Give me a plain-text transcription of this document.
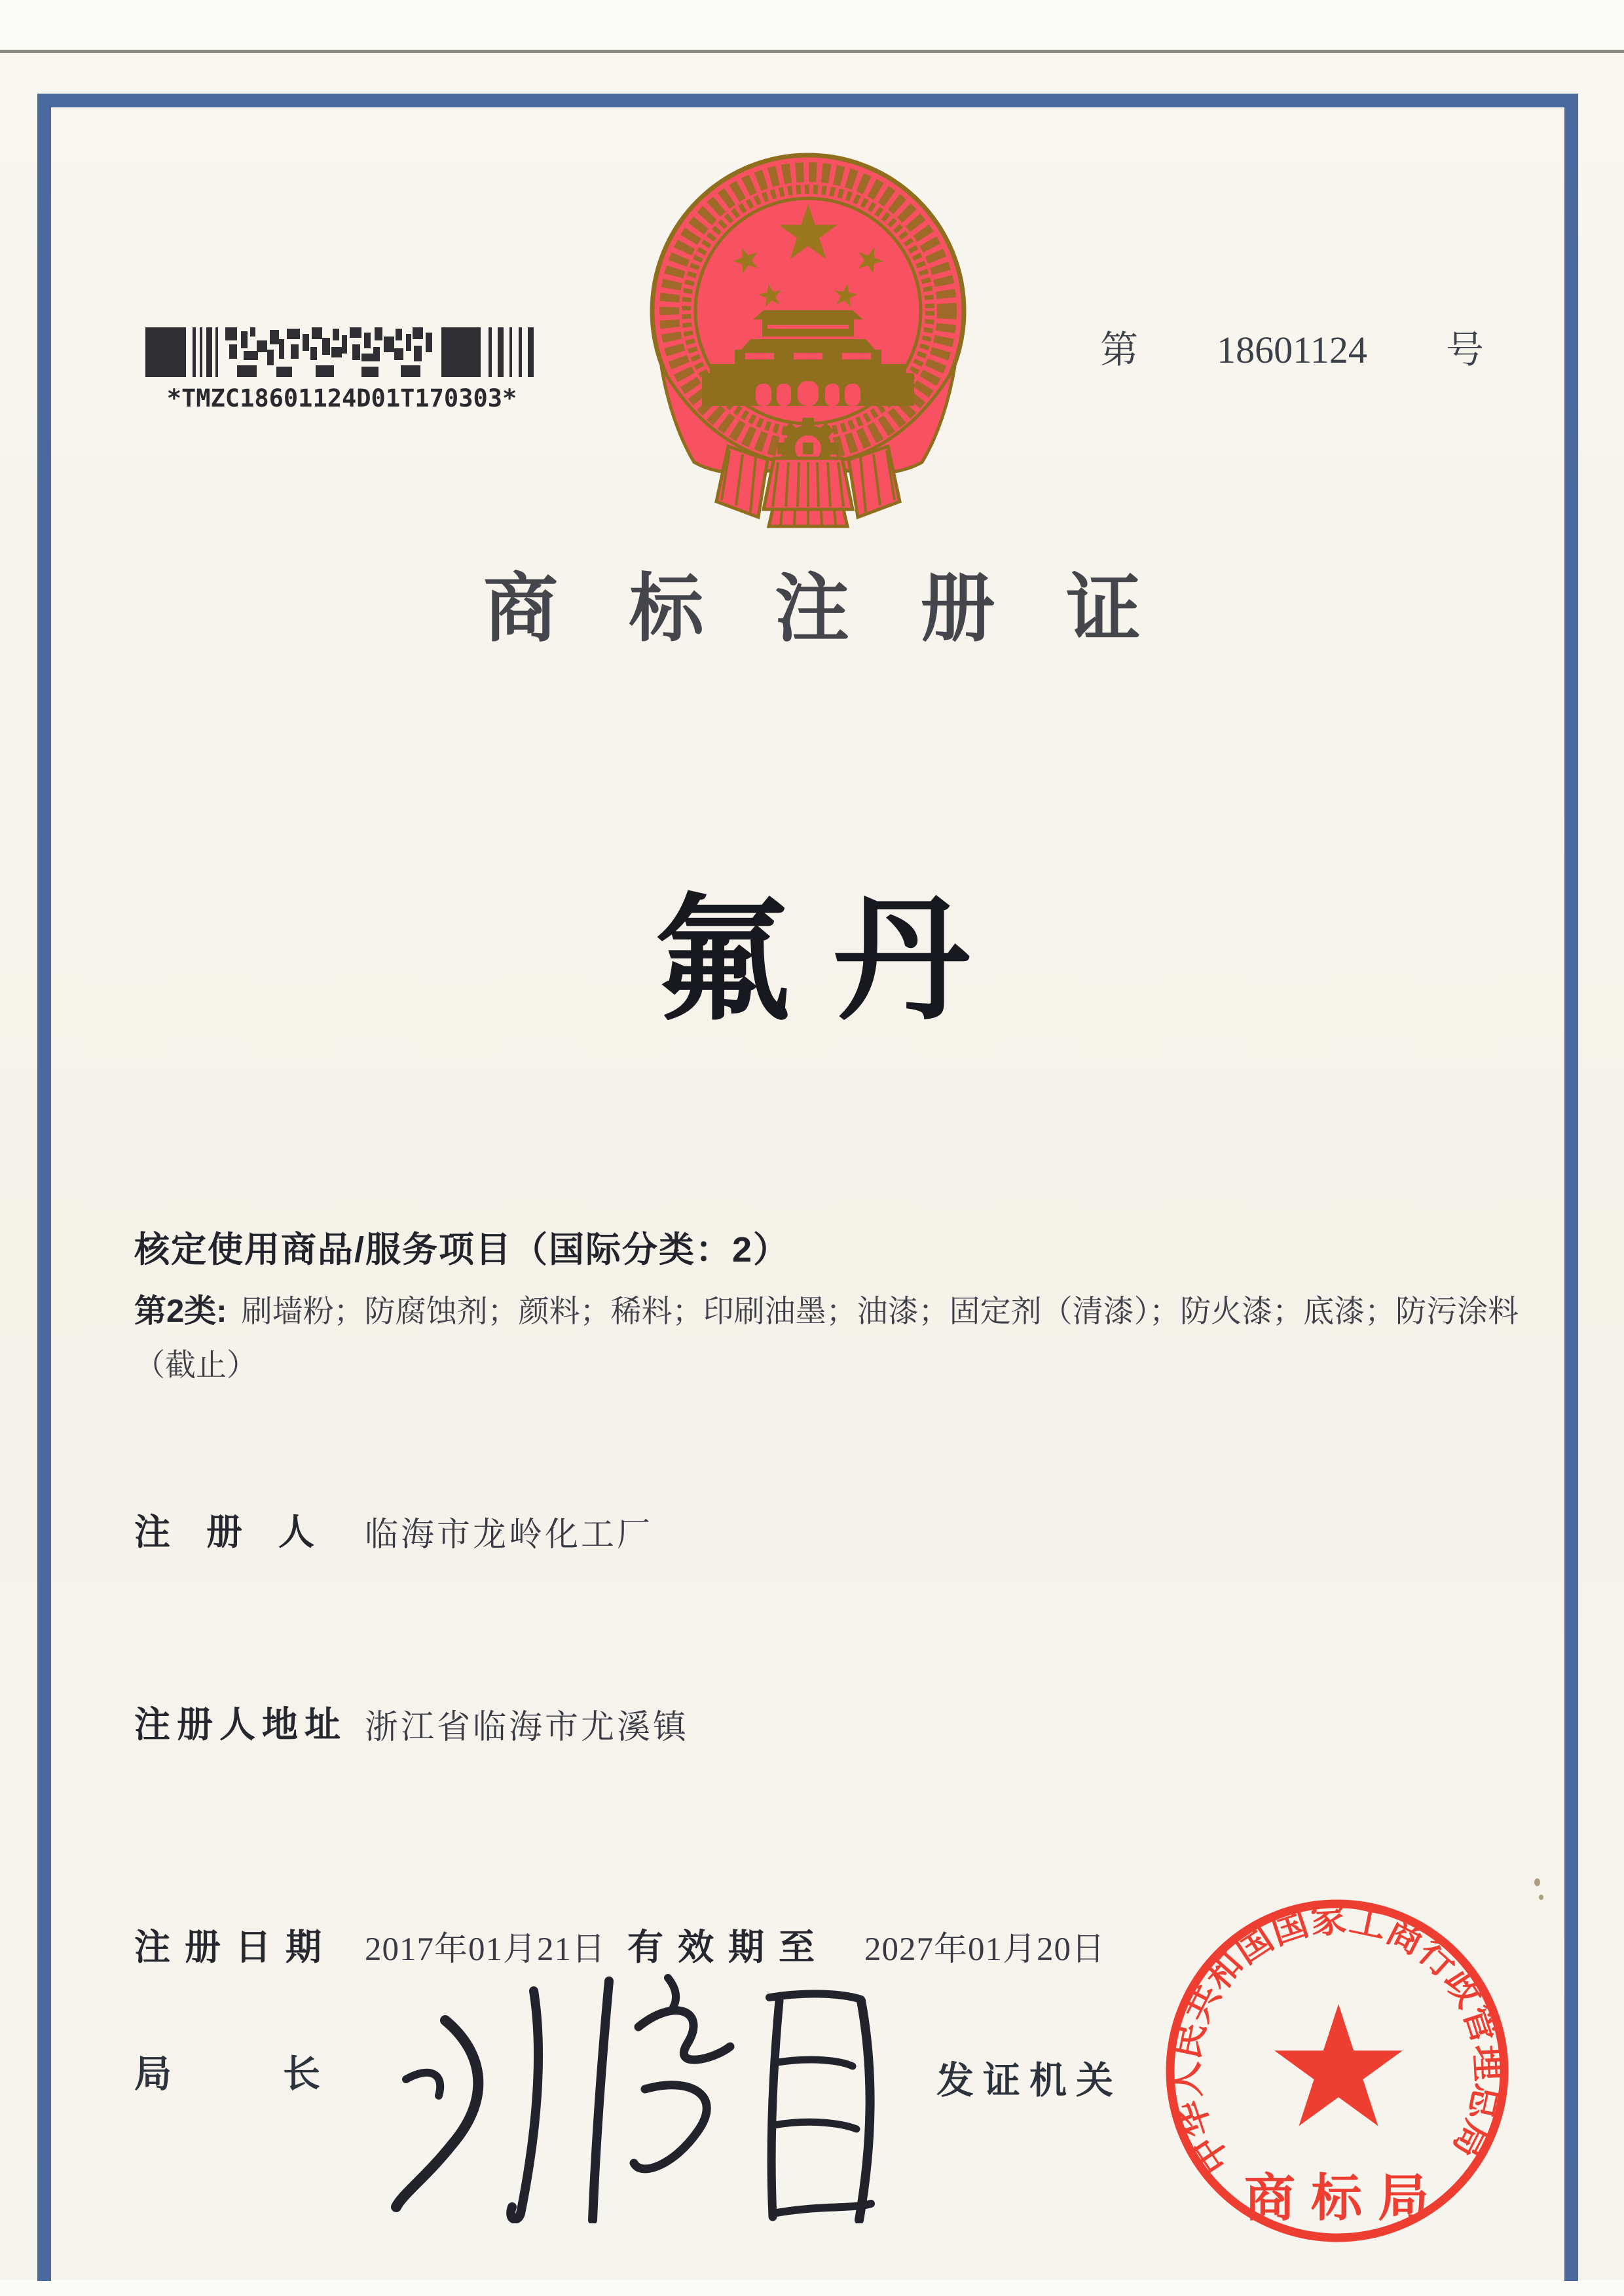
*TMZC18601124D01T170303*
第 18601124 号
商 标 注 册 证
氟丹
核定使用商品/服务项目（国际分类：2）
第2类: 刷墙粉；防腐蚀剂；颜料；稀料；印刷油墨；油漆；固定剂（清漆）；防火漆；底漆；防污涂料（截止）
注　册　人 临海市龙岭化工厂
注册人地址 浙江省临海市尤溪镇
注册日期 2017年01月21日 有效期至 2027年01月20日
局	长	发证机关
中华人民共和国国家工商行政管理总局
商标局
